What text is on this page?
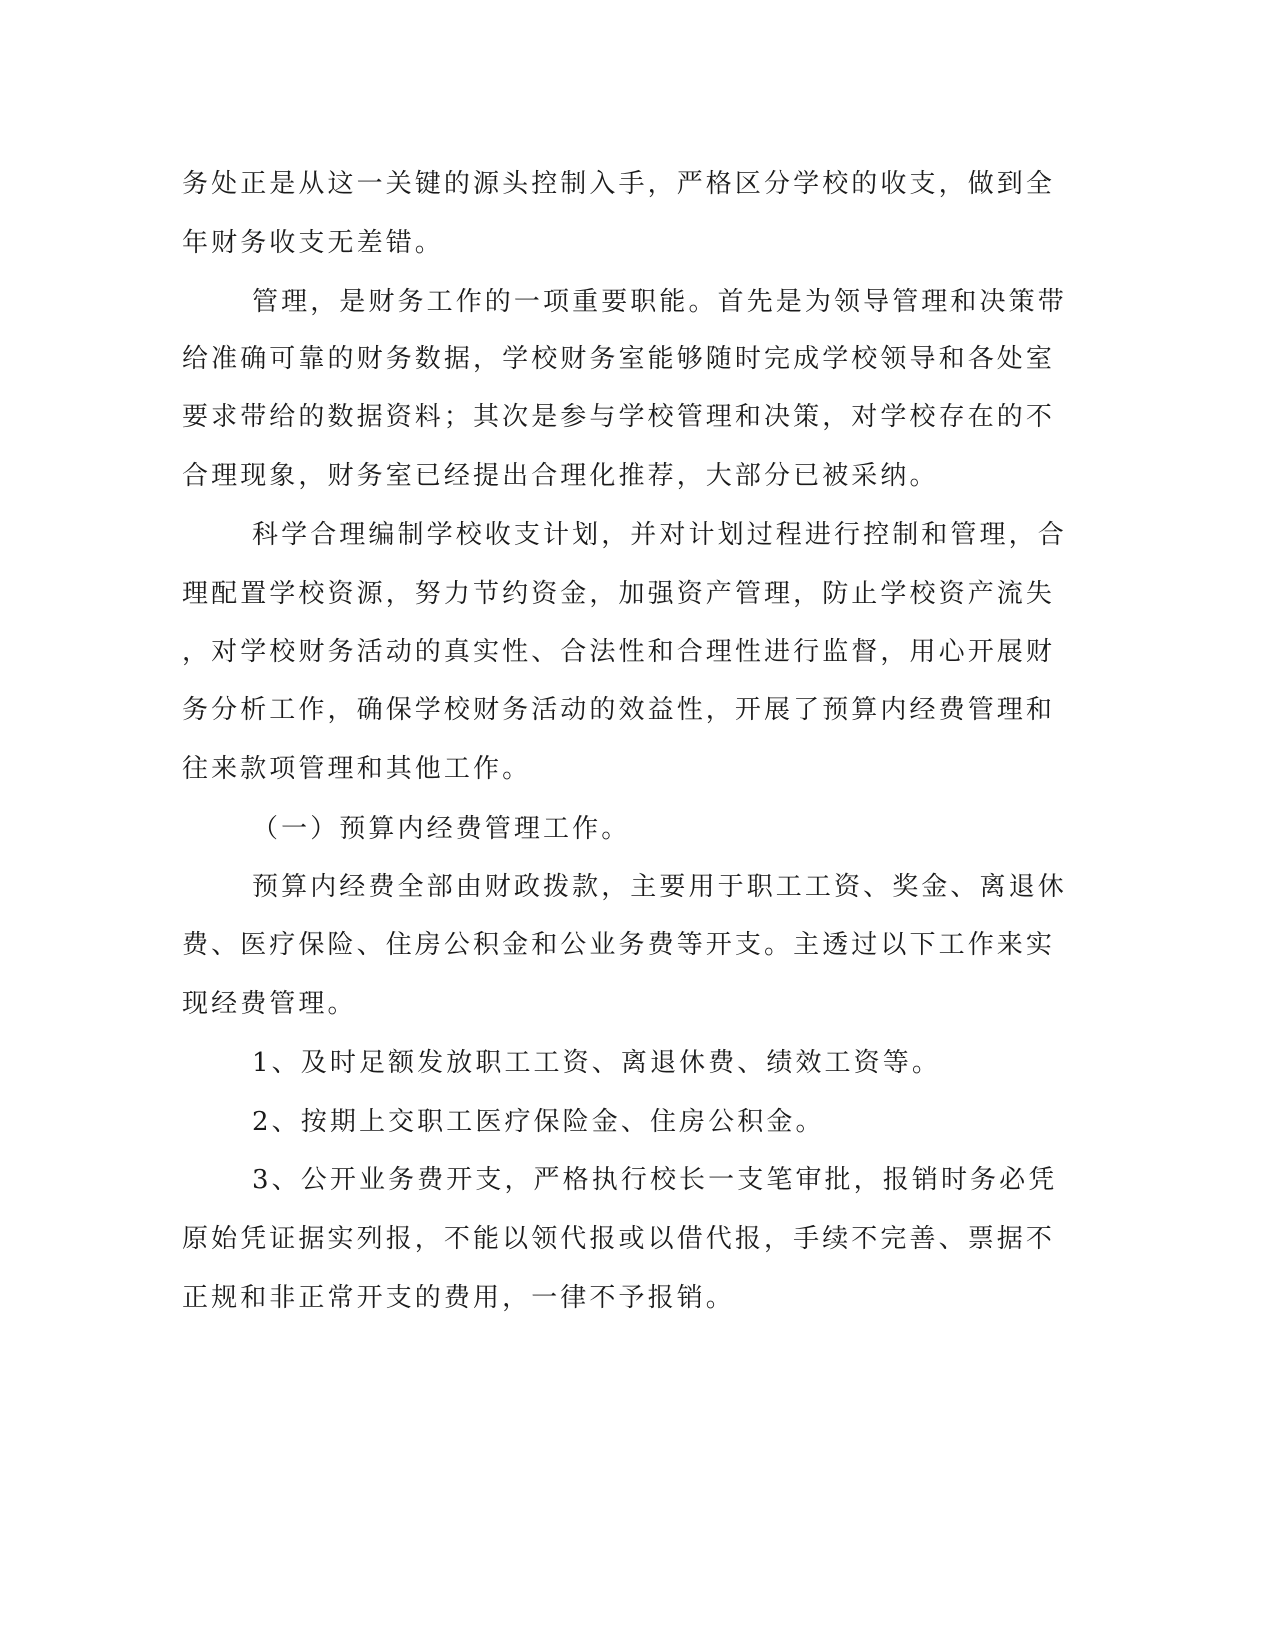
务处正是从这一关键的源头控制入手，严格区分学校的收支，做到全
年财务收支无差错。
管理，是财务工作的一项重要职能。首先是为领导管理和决策带
给准确可靠的财务数据，学校财务室能够随时完成学校领导和各处室
要求带给的数据资料；其次是参与学校管理和决策，对学校存在的不
合理现象，财务室已经提出合理化推荐，大部分已被采纳。
科学合理编制学校收支计划，并对计划过程进行控制和管理，合
理配置学校资源，努力节约资金，加强资产管理，防止学校资产流失
，对学校财务活动的真实性、合法性和合理性进行监督，用心开展财
务分析工作，确保学校财务活动的效益性，开展了预算内经费管理和
往来款项管理和其他工作。
（一）预算内经费管理工作。
预算内经费全部由财政拨款，主要用于职工工资、奖金、离退休
费、医疗保险、住房公积金和公业务费等开支。主透过以下工作来实
现经费管理。
1、及时足额发放职工工资、离退休费、绩效工资等。
2、按期上交职工医疗保险金、住房公积金。
3、公开业务费开支，严格执行校长一支笔审批，报销时务必凭
原始凭证据实列报，不能以领代报或以借代报，手续不完善、票据不
正规和非正常开支的费用，一律不予报销。
